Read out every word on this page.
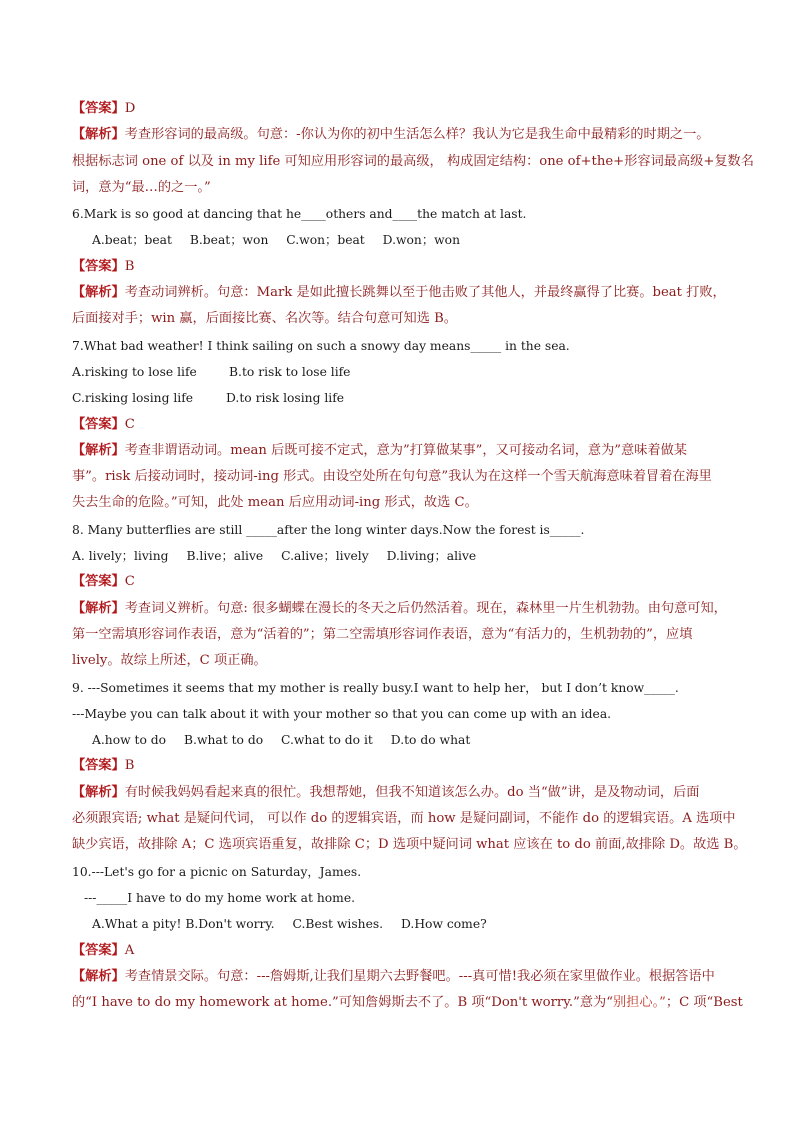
【答案】D
【解析】考查形容词的最高级。句意：-你认为你的初中生活怎么样？我认为它是我生命中最精彩的时期之一。
根据标志词 one of 以及 in my life 可知应用形容词的最高级， 构成固定结构：one of+the+形容词最高级+复数名
词，意为“最…的之一。”
6.Mark is so good at dancing that he____others and____the match at last.
A.beat；beat B.beat；won C.won；beat D.won；won
【答案】B
【解析】考查动词辨析。句意：Mark 是如此擅长跳舞以至于他击败了其他人，并最终赢得了比赛。beat 打败，
后面接对手；win 赢，后面接比赛、名次等。结合句意可知选 B。
7.What bad weather! I think sailing on such a snowy day means_____ in the sea.
A.risking to lose life	B.to risk to lose life
C.risking losing life	D.to risk losing life
【答案】C
【解析】考查非谓语动词。mean 后既可接不定式，意为”打算做某事”，又可接动名词，意为”意味着做某
事”。risk 后接动词时，接动词-ing 形式。由设空处所在句句意”我认为在这样一个雪天航海意味着冒着在海里
失去生命的危险。”可知，此处 mean 后应用动词-ing 形式，故选 C。
8. Many butterflies are still _____after the long winter days.Now the forest is_____.
A. lively；living B.live；alive C.alive；lively D.living；alive
【答案】C
【解析】考查词义辨析。句意: 很多蝴蝶在漫长的冬天之后仍然活着。现在，森林里一片生机勃勃。由句意可知，
第一空需填形容词作表语，意为“活着的”；第二空需填形容词作表语，意为“有活力的，生机勃勃的”，应填
lively。故综上所述，C 项正确。
9. ---Sometimes it seems that my mother is really busy.I want to help her， but I don’t know_____.
---Maybe you can talk about it with your mother so that you can come up with an idea.
A.how to do B.what to do C.what to do it D.to do what
【答案】B
【解析】有时候我妈妈看起来真的很忙。我想帮她，但我不知道该怎么办。do 当“做”讲，是及物动词，后面
必须跟宾语; what 是疑问代词， 可以作 do 的逻辑宾语，而 how 是疑问副词，不能作 do 的逻辑宾语。A 选项中
缺少宾语，故排除 A；C 选项宾语重复，故排除 C；D 选项中疑问词 what 应该在 to do 前面,故排除 D。故选 B。
10.---Let's go for a picnic on Saturday，James.
---_____I have to do my home work at home.
A.What a pity! B.Don't worry. C.Best wishes. D.How come?
【答案】A
【解析】考查情景交际。句意：---詹姆斯,让我们星期六去野餐吧。---真可惜!我必须在家里做作业。根据答语中
的“I have to do my homework at home.”可知詹姆斯去不了。B 项“Don't worry.”意为“别担心。”；C 项“Best
